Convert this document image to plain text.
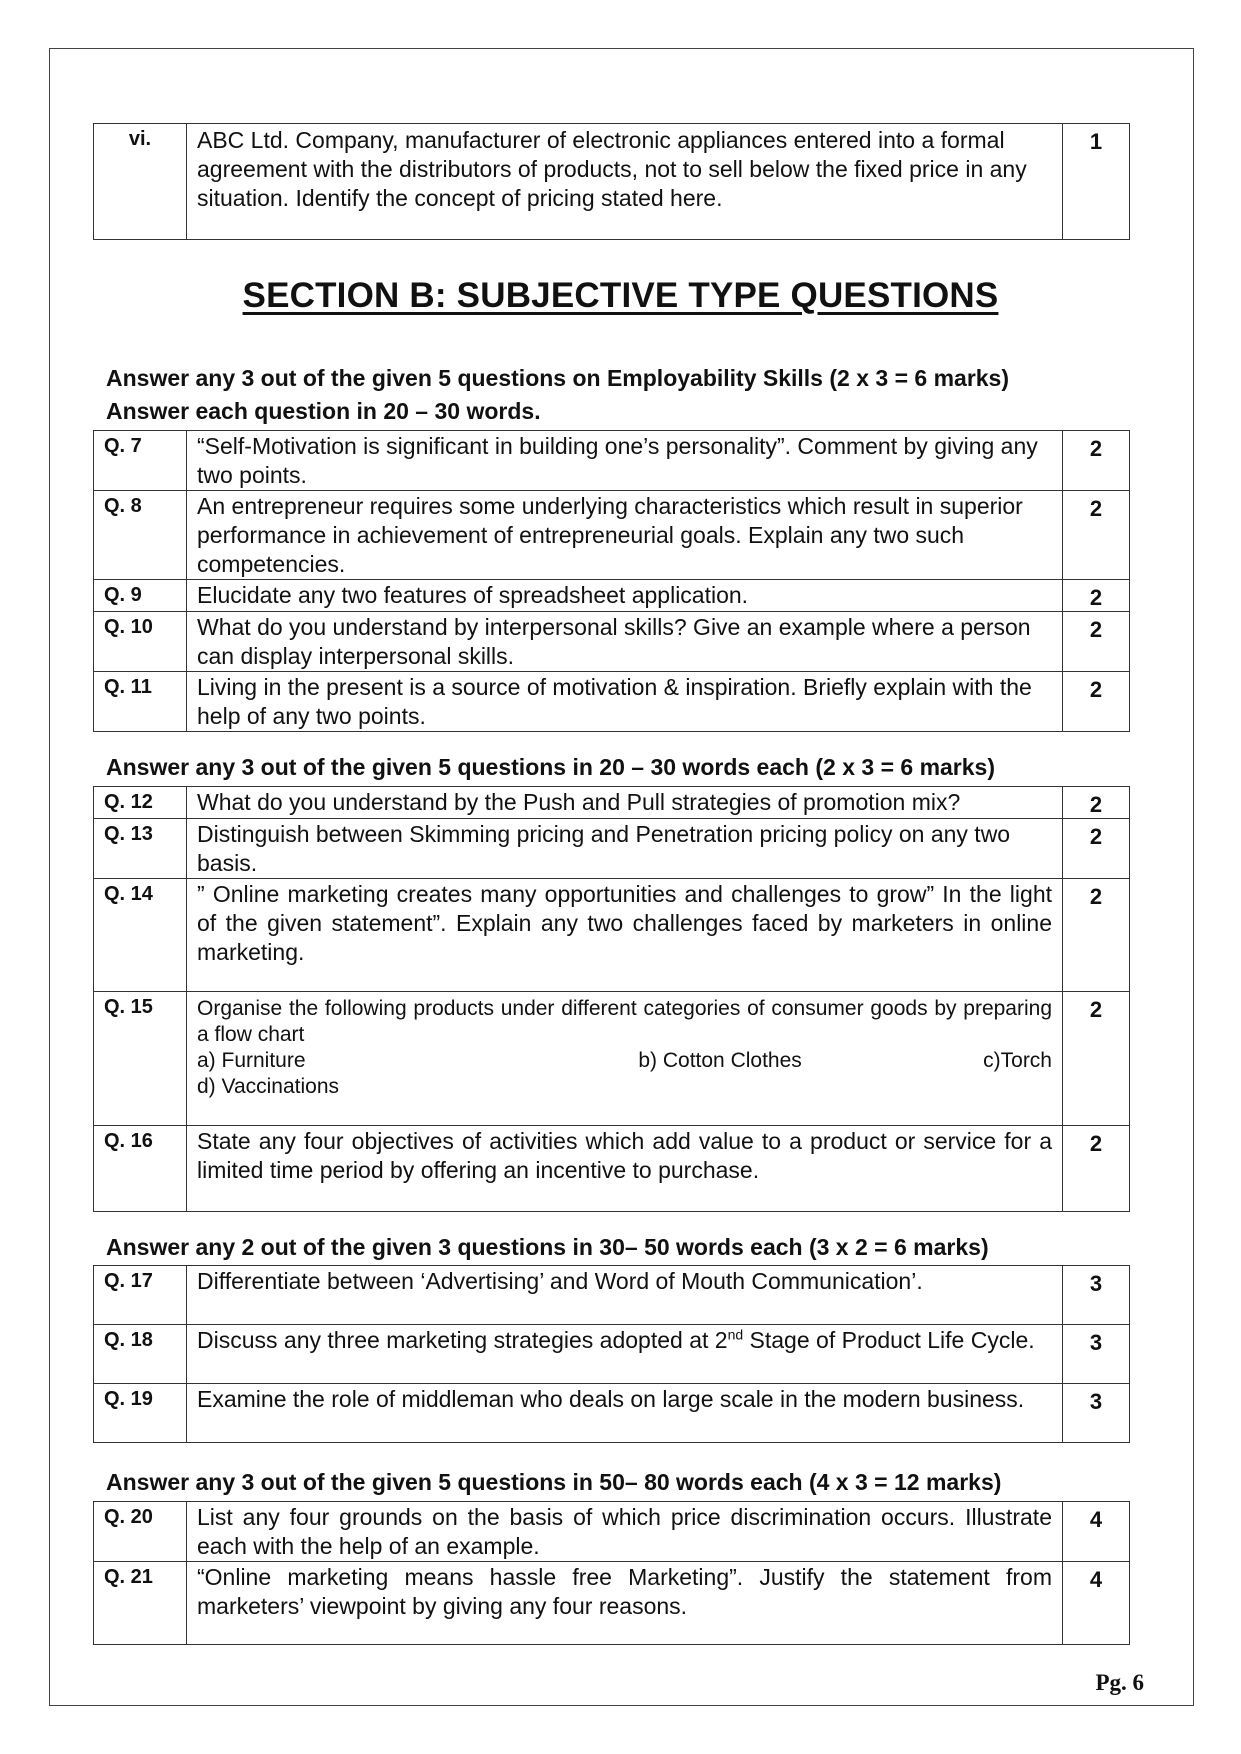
vi.	ABC Ltd. Company, manufacturer of electronic appliances entered into a formal agreement with the distributors of products, not to sell below the fixed price in any situation. Identify the concept of pricing stated here.	1
SECTION B: SUBJECTIVE TYPE QUESTIONS
Answer any 3 out of the given 5 questions on Employability Skills (2 x 3 = 6 marks)
Answer each question in 20 – 30 words.
Q. 7	“Self-Motivation is significant in building one’s personality”. Comment by giving any two points.	2
Q. 8	An entrepreneur requires some underlying characteristics which result in superior performance in achievement of entrepreneurial goals. Explain any two such competencies.	2
Q. 9	Elucidate any two features of spreadsheet application.	2
Q. 10	What do you understand by interpersonal skills? Give an example where a person can display interpersonal skills.	2
Q. 11	Living in the present is a source of motivation & inspiration. Briefly explain with the help of any two points.	2
Answer any 3 out of the given 5 questions in 20 – 30 words each (2 x 3 = 6 marks)
Q. 12	What do you understand by the Push and Pull strategies of promotion mix?	2
Q. 13	Distinguish between Skimming pricing and Penetration pricing policy on any two basis.	2
Q. 14	” Online marketing creates many opportunities and challenges to grow” In the light of the given statement”. Explain any two challenges faced by marketers in online marketing.	2
Q. 15	Organise the following products under different categories of consumer goods by preparing a flow chart
a) Furniture b) Cotton Clothes c)Torch
d) Vaccinations	2
Q. 16	State any four objectives of activities which add value to a product or service for a limited time period by offering an incentive to purchase.	2
Answer any 2 out of the given 3 questions in 30– 50 words each (3 x 2 = 6 marks)
Q. 17	Differentiate between ‘Advertising’ and Word of Mouth Communication’.	3
Q. 18	Discuss any three marketing strategies adopted at 2nd Stage of Product Life Cycle.	3
Q. 19	Examine the role of middleman who deals on large scale in the modern business.	3
Answer any 3 out of the given 5 questions in 50– 80 words each (4 x 3 = 12 marks)
Q. 20	List any four grounds on the basis of which price discrimination occurs. Illustrate each with the help of an example.	4
Q. 21	“Online marketing means hassle free Marketing”. Justify the statement from marketers’ viewpoint by giving any four reasons.	4
Pg. 6
